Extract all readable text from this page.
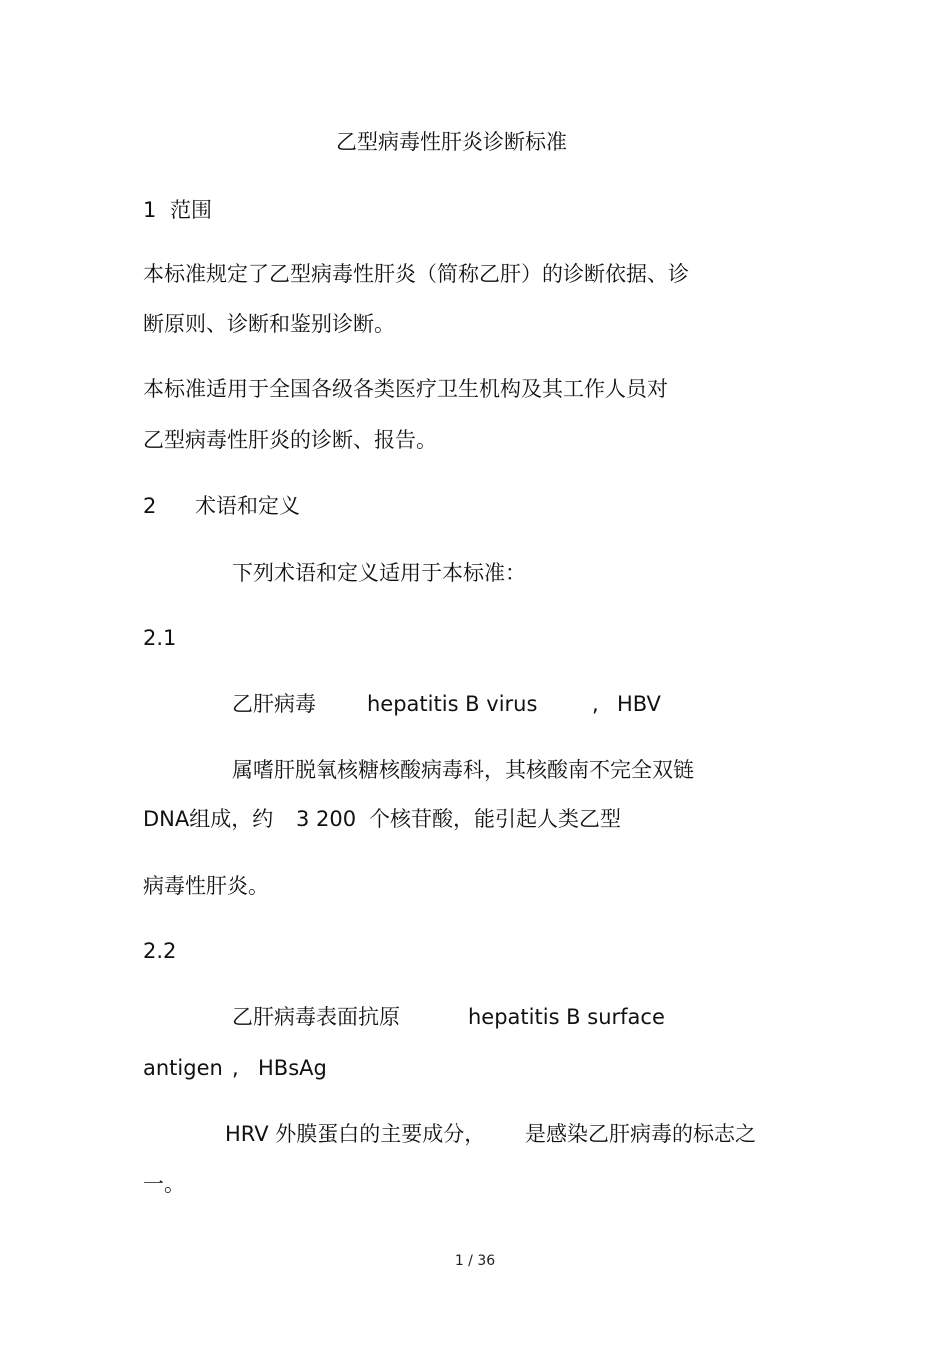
乙型病毒性肝炎诊断标准
1 范围
本标准规定了乙型病毒性肝炎（简称乙肝）的诊断依据、诊
断原则、诊断和鉴别诊断。
本标准适用于全国各级各类医疗卫生机构及其工作人员对
乙型病毒性肝炎的诊断、报告。
2 术语和定义
下列术语和定义适用于本标准：
2.1
乙肝病毒 hepatitis B virus	, HBV
属嗜肝脱氧核糖核酸病毒科，其核酸南不完全双链
DNA组成，约 3 200 个核苷酸，能引起人类乙型
病毒性肝炎。
2.2
乙肝病毒表面抗原	hepatitis B surface
antigen , HBsAg
HRV 外膜蛋白的主要成分， 是感染乙肝病毒的标志之
一。
1 / 36
